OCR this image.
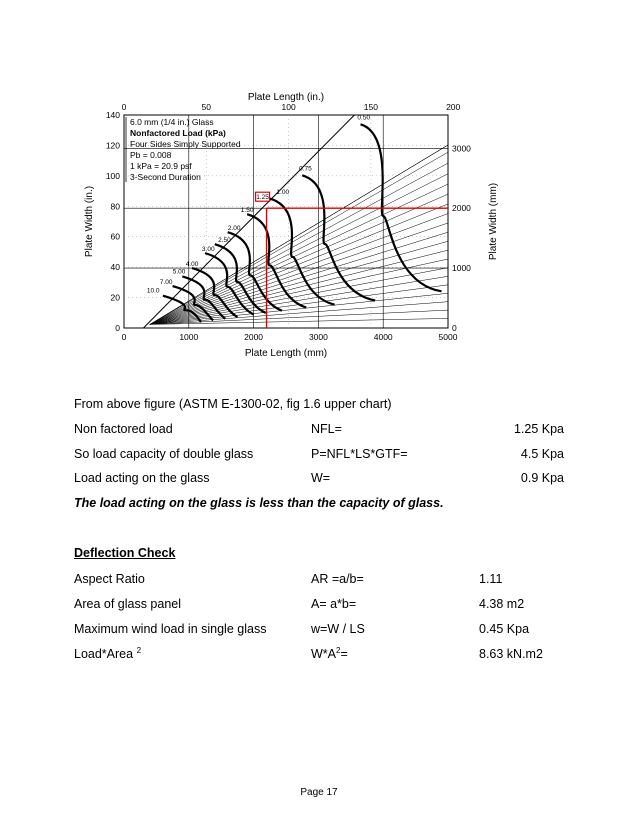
0	50	100	150	200
0	1000	2000	3000	4000	5000
0
20
40
60
80
100
120
140
0
1000
2000
3000
Plate Length (in.)
Plate Length (mm)
Plate Width (in.)	Plate Width (mm)
0.50
0.75
1.00
1.50
2.00
2.50
3.00
4.00
5.00
7.00
10.0
1.25
6.0 mm (1/4 in.) Glass
Nonfactored Load (kPa)
Four Sides Simply Supported
Pb = 0.008
1 kPa = 20.9 psf
3-Second Duration
From above figure (ASTM E-1300-02, fig 1.6 upper chart)
Non factored load	NFL=	1.25 Kpa
So load capacity of double glass	P=NFL*LS*GTF=	4.5 Kpa
Load acting on the glass	W=	0.9 Kpa
The load acting on the glass is less than the capacity of glass.
Deflection Check
Aspect Ratio	AR =a/b=	1.11
Area of glass panel	A= a*b=	4.38 m2
Maximum wind load in single glass	w=W / LS	0.45 Kpa
Load*Area $^2$	$W*A^2=$	8.63 kN.m2
Page 17
